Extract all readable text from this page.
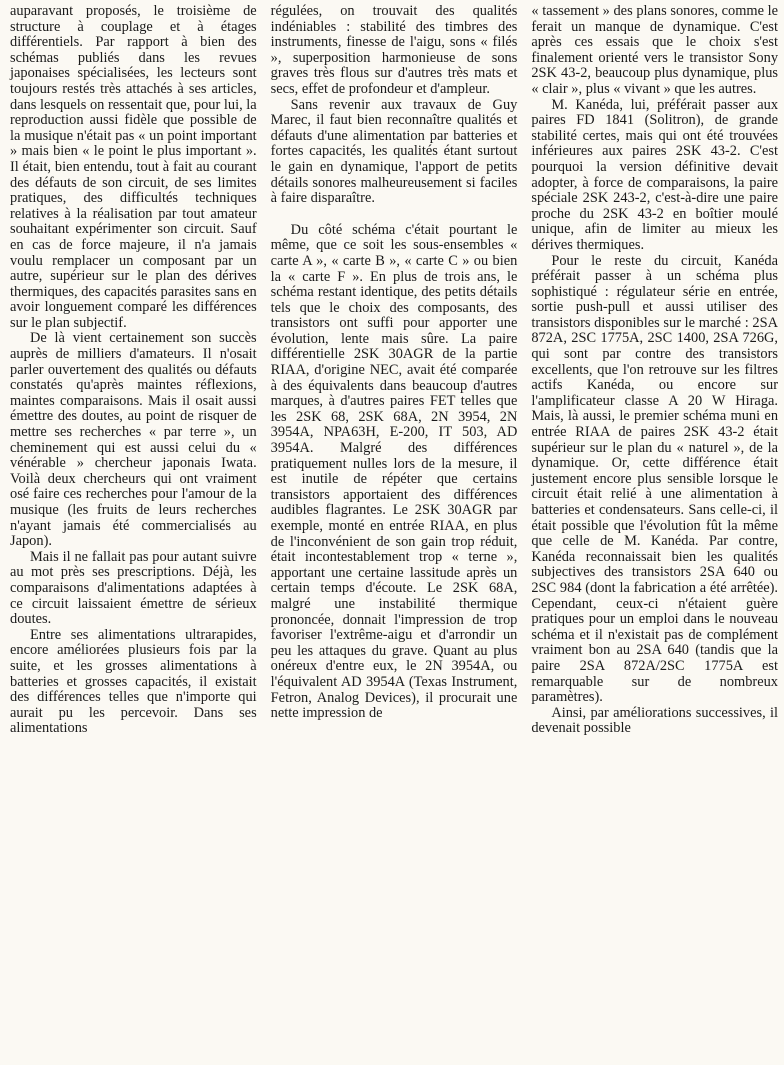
auparavant proposés, le troisième de structure à couplage et à étages différentiels. Par rapport à bien des schémas publiés dans les revues japonaises spécialisées, les lecteurs sont toujours restés très attachés à ses articles, dans lesquels on ressentait que, pour lui, la reproduction aussi fidèle que possible de la musique n'était pas « un point important » mais bien « le point le plus important ». Il était, bien entendu, tout à fait au courant des défauts de son circuit, de ses limites pratiques, des difficultés techniques relatives à la réalisation par tout amateur souhaitant expérimenter son circuit. Sauf en cas de force majeure, il n'a jamais voulu remplacer un composant par un autre, supérieur sur le plan des dérives thermiques, des capacités parasites sans en avoir longuement comparé les différences sur le plan subjectif.

De là vient certainement son succès auprès de milliers d'amateurs. Il n'osait parler ouvertement des qualités ou défauts constatés qu'après maintes réflexions, maintes comparaisons. Mais il osait aussi émettre des doutes, au point de risquer de mettre ses recherches « par terre », un cheminement qui est aussi celui du « vénérable » chercheur japonais Iwata. Voilà deux chercheurs qui ont vraiment osé faire ces recherches pour l'amour de la musique (les fruits de leurs recherches n'ayant jamais été commercialisés au Japon).

Mais il ne fallait pas pour autant suivre au mot près ses prescriptions. Déjà, les comparaisons d'alimentations adaptées à ce circuit laissaient émettre de sérieux doutes.

Entre ses alimentations ultrarapides, encore améliorées plusieurs fois par la suite, et les grosses alimentations à batteries et grosses capacités, il existait des différences telles que n'importe qui aurait pu les percevoir. Dans ses alimentations

régulées, on trouvait des qualités indéniables : stabilité des timbres des instruments, finesse de l'aigu, sons « filés », superposition harmonieuse de sons graves très flous sur d'autres très mats et secs, effet de profondeur et d'ampleur.

Sans revenir aux travaux de Guy Marec, il faut bien reconnaître qualités et défauts d'une alimentation par batteries et fortes capacités, les qualités étant surtout le gain en dynamique, l'apport de petits détails sonores malheureusement si faciles à faire disparaître.

Du côté schéma c'était pourtant le même, que ce soit les sous-ensembles « carte A », « carte B », « carte C » ou bien la « carte F ». En plus de trois ans, le schéma restant identique, des petits détails tels que le choix des composants, des transistors ont suffi pour apporter une évolution, lente mais sûre. La paire différentielle 2SK 30AGR de la partie RIAA, d'origine NEC, avait été comparée à des équivalents dans beaucoup d'autres marques, à d'autres paires FET telles que les 2SK 68, 2SK 68A, 2N 3954, 2N 3954A, NPA63H, E-200, IT 503, AD 3954A. Malgré des différences pratiquement nulles lors de la mesure, il est inutile de répéter que certains transistors apportaient des différences audibles flagrantes. Le 2SK 30AGR par exemple, monté en entrée RIAA, en plus de l'inconvénient de son gain trop réduit, était incontestablement trop « terne », apportant une certaine lassitude après un certain temps d'écoute. Le 2SK 68A, malgré une instabilité thermique prononcée, donnait l'impression de trop favoriser l'extrême-aigu et d'arrondir un peu les attaques du grave. Quant au plus onéreux d'entre eux, le 2N 3954A, ou l'équivalent AD 3954A (Texas Instrument, Fetron, Analog Devices), il procurait une nette impression de

« tassement » des plans sonores, comme le ferait un manque de dynamique. C'est après ces essais que le choix s'est finalement orienté vers le transistor Sony 2SK 43-2, beaucoup plus dynamique, plus « clair », plus « vivant » que les autres.

M. Kanéda, lui, préférait passer aux paires FD 1841 (Solitron), de grande stabilité certes, mais qui ont été trouvées inférieures aux paires 2SK 43-2. C'est pourquoi la version définitive devait adopter, à force de comparaisons, la paire spéciale 2SK 243-2, c'est-à-dire une paire proche du 2SK 43-2 en boîtier moulé unique, afin de limiter au mieux les dérives thermiques.

Pour le reste du circuit, Kanéda préférait passer à un schéma plus sophistiqué : régulateur série en entrée, sortie push-pull et aussi utiliser des transistors disponibles sur le marché : 2SA 872A, 2SC 1775A, 2SC 1400, 2SA 726G, qui sont par contre des transistors excellents, que l'on retrouve sur les filtres actifs Kanéda, ou encore sur l'amplificateur classe A 20 W Hiraga. Mais, là aussi, le premier schéma muni en entrée RIAA de paires 2SK 43-2 était supérieur sur le plan du « naturel », de la dynamique. Or, cette différence était justement encore plus sensible lorsque le circuit était relié à une alimentation à batteries et condensateurs. Sans celle-ci, il était possible que l'évolution fût la même que celle de M. Kanéda. Par contre, Kanéda reconnaissait bien les qualités subjectives des transistors 2SA 640 ou 2SC 984 (dont la fabrication a été arrêtée). Cependant, ceux-ci n'étaient guère pratiques pour un emploi dans le nouveau schéma et il n'existait pas de complément vraiment bon au 2SA 640 (tandis que la paire 2SA 872A/2SC 1775A est remarquable sur de nombreux paramètres).

Ainsi, par améliorations successives, il devenait possible
